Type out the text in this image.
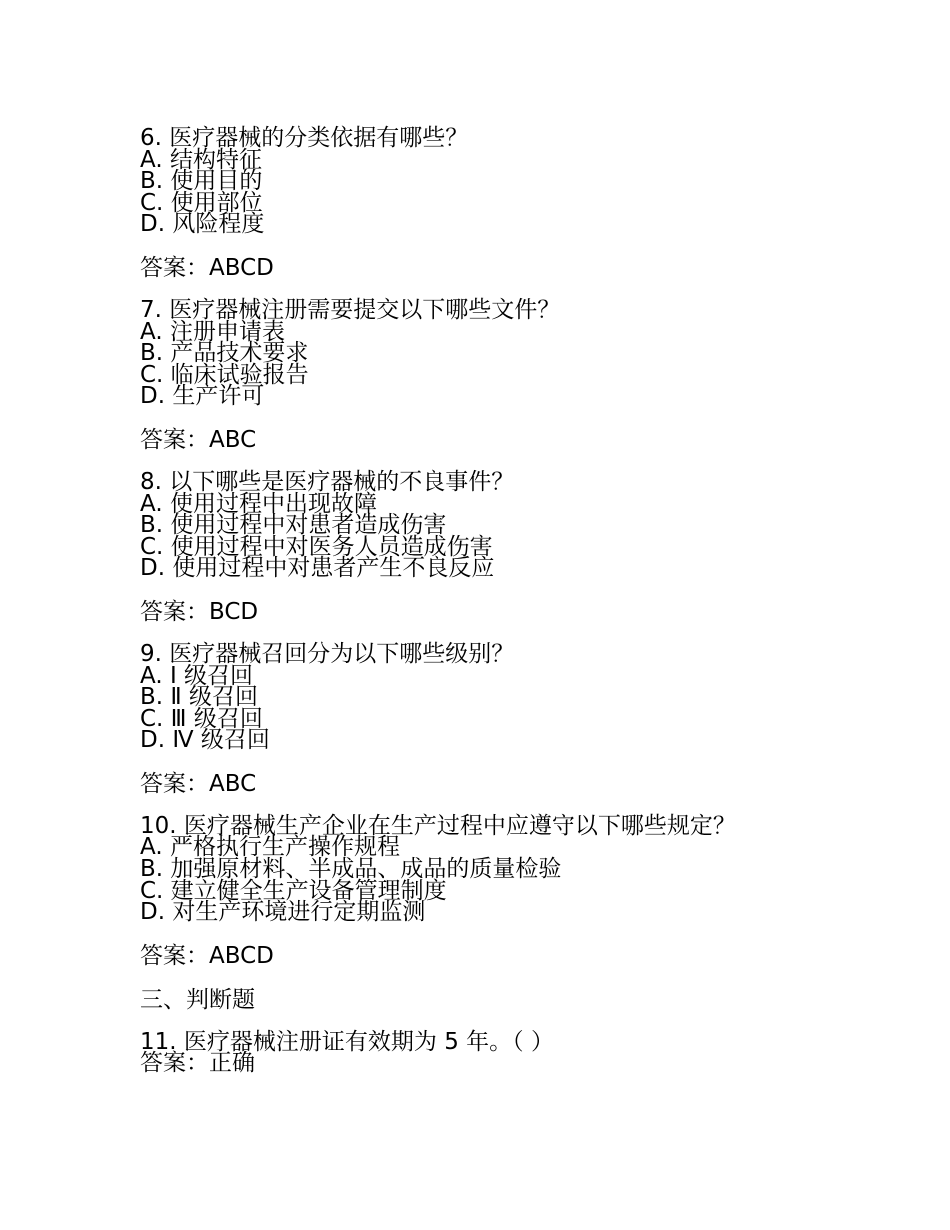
6. 医疗器械的分类依据有哪些？
A. 结构特征
B. 使用目的
C. 使用部位
D. 风险程度
答案：ABCD
7. 医疗器械注册需要提交以下哪些文件？
A. 注册申请表
B. 产品技术要求
C. 临床试验报告
D. 生产许可
答案：ABC
8. 以下哪些是医疗器械的不良事件？
A. 使用过程中出现故障
B. 使用过程中对患者造成伤害
C. 使用过程中对医务人员造成伤害
D. 使用过程中对患者产生不良反应
答案：BCD
9. 医疗器械召回分为以下哪些级别？
A. Ⅰ 级召回
B. Ⅱ 级召回
C. Ⅲ 级召回
D. Ⅳ 级召回
答案：ABC
10. 医疗器械生产企业在生产过程中应遵守以下哪些规定？
A. 严格执行生产操作规程
B. 加强原材料、半成品、成品的质量检验
C. 建立健全生产设备管理制度
D. 对生产环境进行定期监测
答案：ABCD
三、判断题
11. 医疗器械注册证有效期为 5 年。（ ）
答案：正确
